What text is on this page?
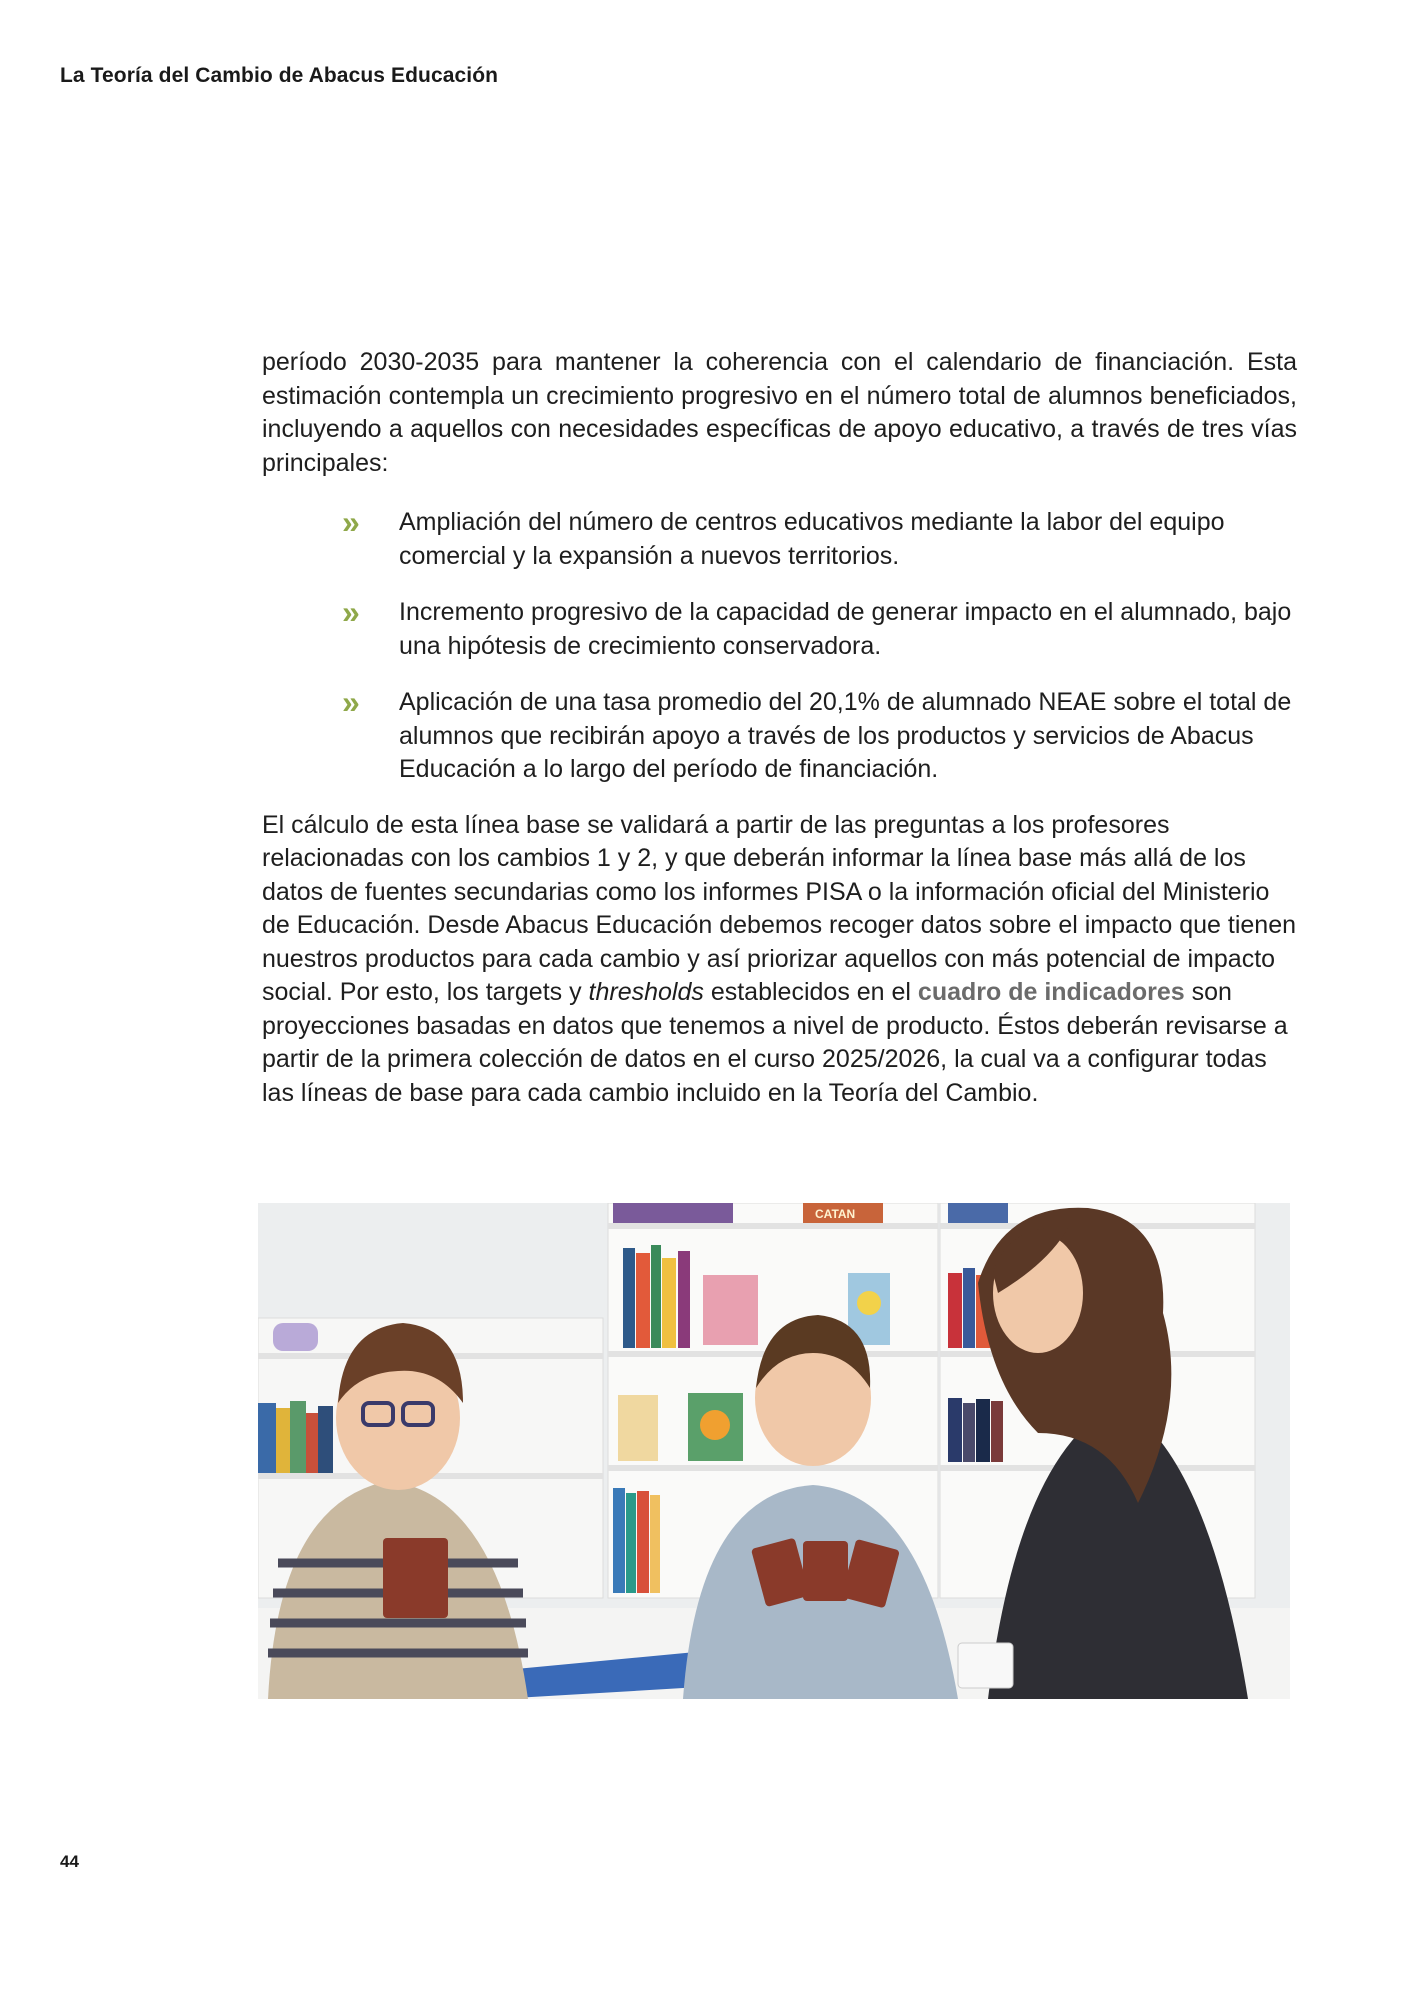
La Teoría del Cambio de Abacus Educación

período 2030-2035 para mantener la coherencia con el calendario de financiación. Esta estimación contempla un crecimiento progresivo en el número total de alumnos beneficiados, incluyendo a aquellos con necesidades específicas de apoyo educativo, a través de tres vías principales:

» Ampliación del número de centros educativos mediante la labor del equipo comercial y la expansión a nuevos territorios.
» Incremento progresivo de la capacidad de generar impacto en el alumnado, bajo una hipótesis de crecimiento conservadora.
» Aplicación de una tasa promedio del 20,1% de alumnado NEAE sobre el total de alumnos que recibirán apoyo a través de los productos y servicios de Abacus Educación a lo largo del período de financiación.

El cálculo de esta línea base se validará a partir de las preguntas a los profesores relacionadas con los cambios 1 y 2, y que deberán informar la línea base más allá de los datos de fuentes secundarias como los informes PISA o la información oficial del Ministerio de Educación. Desde Abacus Educación debemos recoger datos sobre el impacto que tienen nuestros productos para cada cambio y así priorizar aquellos con más potencial de impacto social. Por esto, los targets y thresholds establecidos en el cuadro de indicadores son proyecciones basadas en datos que tenemos a nivel de producto. Éstos deberán revisarse a partir de la primera colección de datos en el curso 2025/2026, la cual va a configurar todas las líneas de base para cada cambio incluido en la Teoría del Cambio.

CATAN
44
